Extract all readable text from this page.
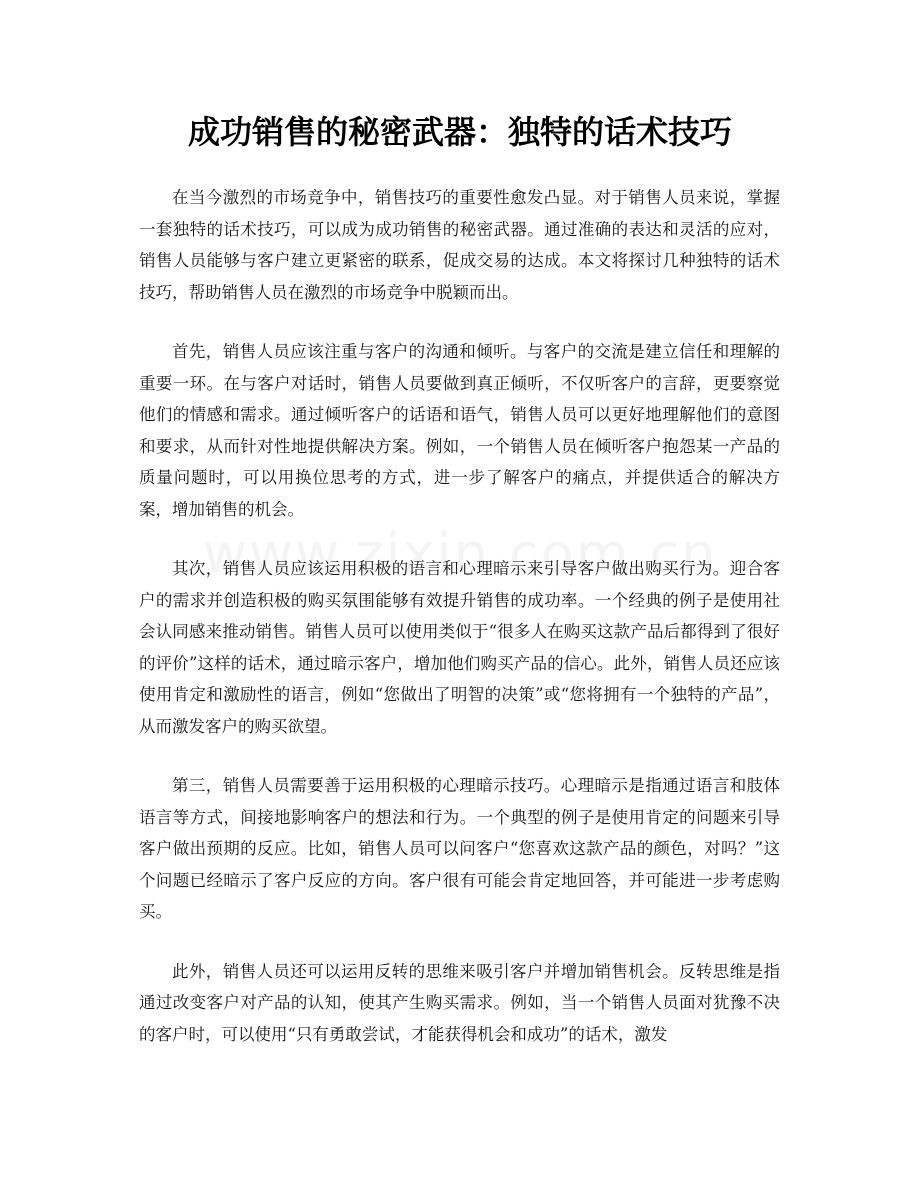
成功销售的秘密武器：独特的话术技巧

在当今激烈的市场竞争中，销售技巧的重要性愈发凸显。对于销售人员来说，掌握一套独特的话术技巧，可以成为成功销售的秘密武器。通过准确的表达和灵活的应对，销售人员能够与客户建立更紧密的联系，促成交易的达成。本文将探讨几种独特的话术技巧，帮助销售人员在激烈的市场竞争中脱颖而出。

首先，销售人员应该注重与客户的沟通和倾听。与客户的交流是建立信任和理解的重要一环。在与客户对话时，销售人员要做到真正倾听，不仅听客户的言辞，更要察觉他们的情感和需求。通过倾听客户的话语和语气，销售人员可以更好地理解他们的意图和要求，从而针对性地提供解决方案。例如，一个销售人员在倾听客户抱怨某一产品的质量问题时，可以用换位思考的方式，进一步了解客户的痛点，并提供适合的解决方案，增加销售的机会。

其次，销售人员应该运用积极的语言和心理暗示来引导客户做出购买行为。迎合客户的需求并创造积极的购买氛围能够有效提升销售的成功率。一个经典的例子是使用社会认同感来推动销售。销售人员可以使用类似于“很多人在购买这款产品后都得到了很好的评价”这样的话术，通过暗示客户，增加他们购买产品的信心。此外，销售人员还应该使用肯定和激励性的语言，例如“您做出了明智的决策”或“您将拥有一个独特的产品”，从而激发客户的购买欲望。

第三，销售人员需要善于运用积极的心理暗示技巧。心理暗示是指通过语言和肢体语言等方式，间接地影响客户的想法和行为。一个典型的例子是使用肯定的问题来引导客户做出预期的反应。比如，销售人员可以问客户“您喜欢这款产品的颜色，对吗？”这个问题已经暗示了客户反应的方向。客户很有可能会肯定地回答，并可能进一步考虑购买。

此外，销售人员还可以运用反转的思维来吸引客户并增加销售机会。反转思维是指通过改变客户对产品的认知，使其产生购买需求。例如，当一个销售人员面对犹豫不决的客户时，可以使用“只有勇敢尝试，才能获得机会和成功”的话术，激发
